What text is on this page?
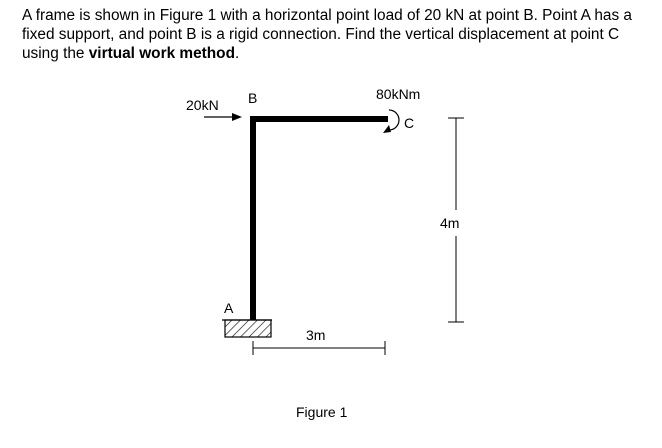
A frame is shown in Figure 1 with a horizontal point load of 20 kN at point B. Point A has a fixed support, and point B is a rigid connection. Find the vertical displacement at point C using the virtual work method.

B
A
C
20kN
80kNm
4m
3m
Figure 1
